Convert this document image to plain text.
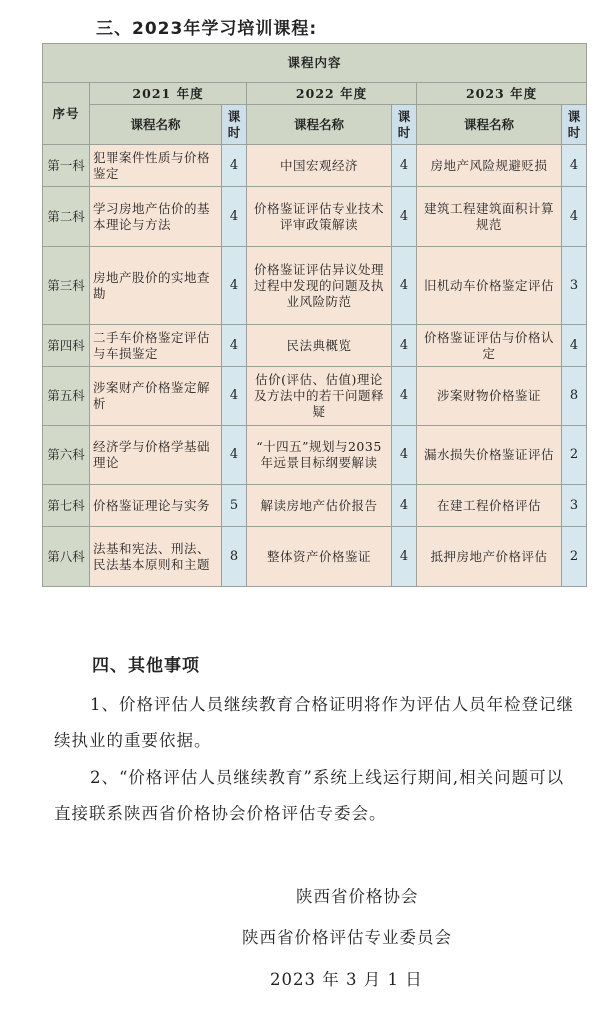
三、2023年学习培训课程:
课程内容						
序号	2021 年度		2022 年度		2023 年度	
	课程名称	课时	课程名称	课时	课程名称	课时
第一科	犯罪案件性质与价格鉴定	4	中国宏观经济	4	房地产风险规避贬损	4
第二科	学习房地产估价的基本理论与方法	4	价格鉴证评估专业技术评审政策解读	4	建筑工程建筑面积计算规范	4
第三科	房地产股价的实地查勘	4	价格鉴证评估异议处理过程中发现的问题及执业风险防范	4	旧机动车价格鉴定评估	3
第四科	二手车价格鉴定评估与车损鉴定	4	民法典概览	4	价格鉴证评估与价格认定	4
第五科	涉案财产价格鉴定解析	4	估价(评估、估值)理论及方法中的若干问题释疑	4	涉案财物价格鉴证	8
第六科	经济学与价格学基础理论	4	“十四五”规划与2035年远景目标纲要解读	4	漏水损失价格鉴证评估	2
第七科	价格鉴证理论与实务	5	解读房地产估价报告	4	在建工程价格评估	3
第八科	法基和宪法、刑法、民法基本原则和主题	8	整体资产价格鉴证	4	抵押房地产价格评估	2
四、其他事项
1、价格评估人员继续教育合格证明将作为评估人员年检登记继续执业的重要依据。
2、“价格评估人员继续教育”系统上线运行期间,相关问题可以直接联系陕西省价格协会价格评估专委会。
陕西省价格协会
陕西省价格评估专业委员会
2023 年 3 月 1 日
